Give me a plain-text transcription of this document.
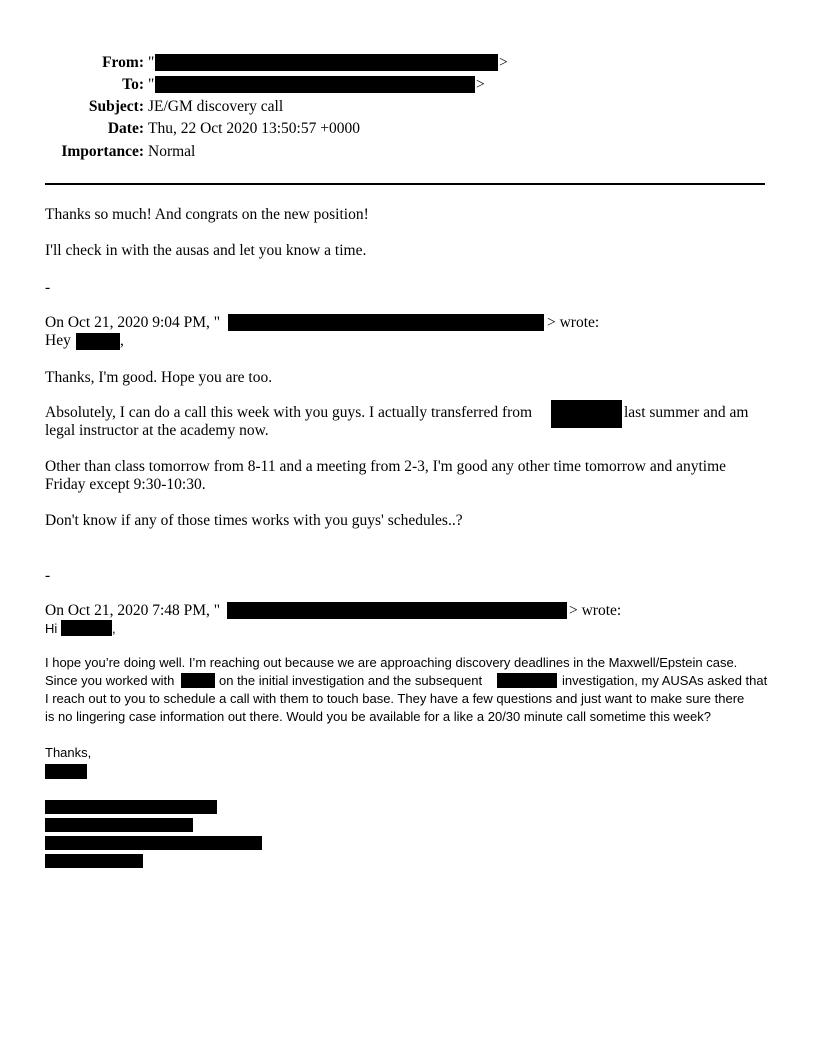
From: "	>
To: "	>
Subject: JE/GM discovery call
Date: Thu, 22 Oct 2020 13:50:57 +0000
Importance: Normal
Thanks so much! And congrats on the new position!
I'll check in with the ausas and let you know a time.
-
On Oct 21, 2020 9:04 PM, "	> wrote:
Hey	,
Thanks, I'm good. Hope you are too.
Absolutely, I can do a call this week with you guys. I actually transferred from	last summer and am
legal instructor at the academy now.
Other than class tomorrow from 8-11 and a meeting from 2-3, I'm good any other time tomorrow and anytime
Friday except 9:30-10:30.
Don't know if any of those times works with you guys' schedules..?
-
On Oct 21, 2020 7:48 PM, "	> wrote:
Hi	,
I hope you’re doing well. I’m reaching out because we are approaching discovery deadlines in the Maxwell/Epstein case.
Since you worked with	on the initial investigation and the subsequent	investigation, my AUSAs asked that
I reach out to you to schedule a call with them to touch base. They have a few questions and just want to make sure there
is no lingering case information out there. Would you be available for a like a 20/30 minute call sometime this week?
Thanks,
